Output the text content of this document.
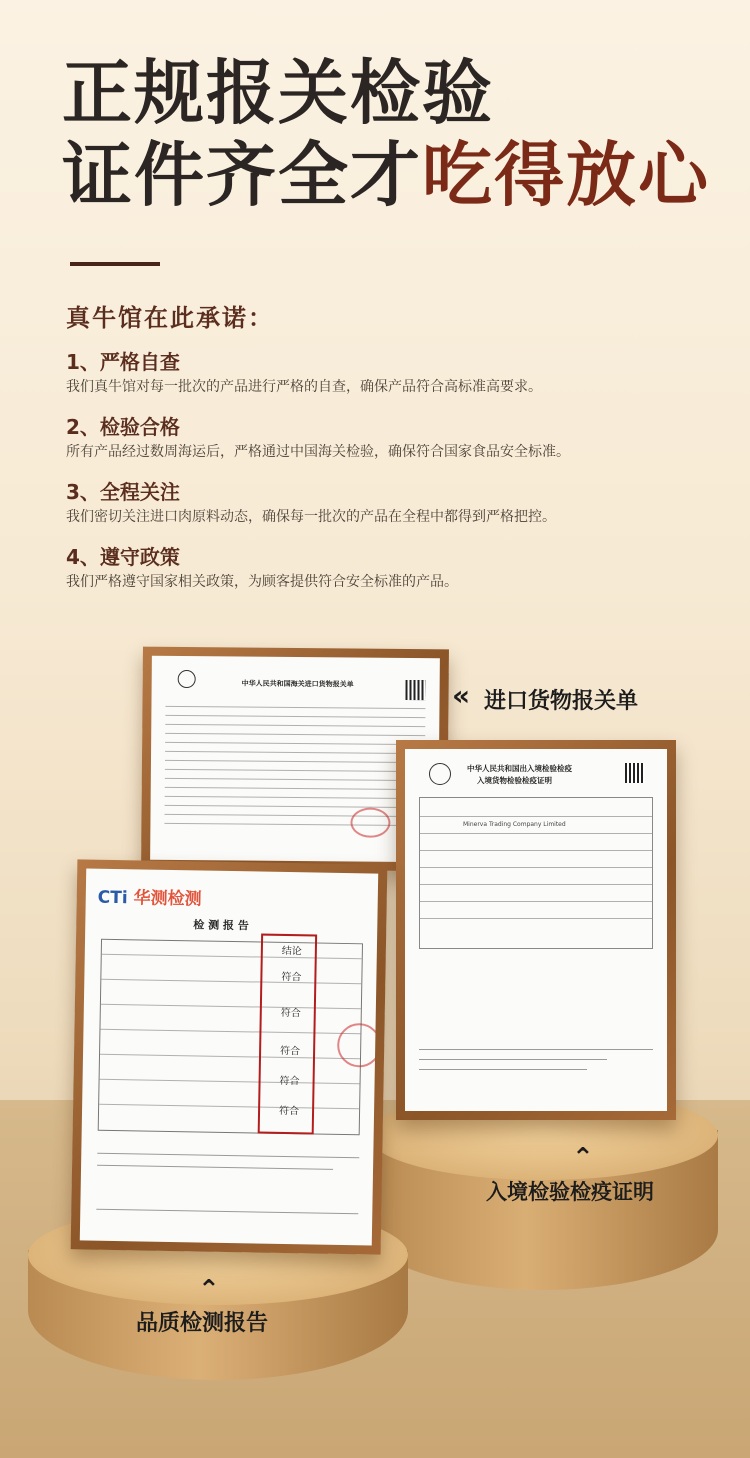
正规报关检验
证件齐全才吃得放心
真牛馆在此承诺：
1、严格自查
我们真牛馆对每一批次的产品进行严格的自查，确保产品符合高标准高要求。
2、检验合格
所有产品经过数周海运后，严格通过中国海关检验，确保符合国家食品安全标准。
3、全程关注
我们密切关注进口肉原料动态，确保每一批次的产品在全程中都得到严格把控。
4、遵守政策
我们严格遵守国家相关政策，为顾客提供符合安全标准的产品。
中华人民共和国海关进口货物报关单	« 进口货物报关单
中华人民共和国出入境检验检疫
入境货物检验检疫证明
Minerva Trading Company Limited
CTi 华测检测
检 测 报 告
结论
符合
符合
符合
符合
符合
⌃
入境检验检疫证明
⌃
品质检测报告
